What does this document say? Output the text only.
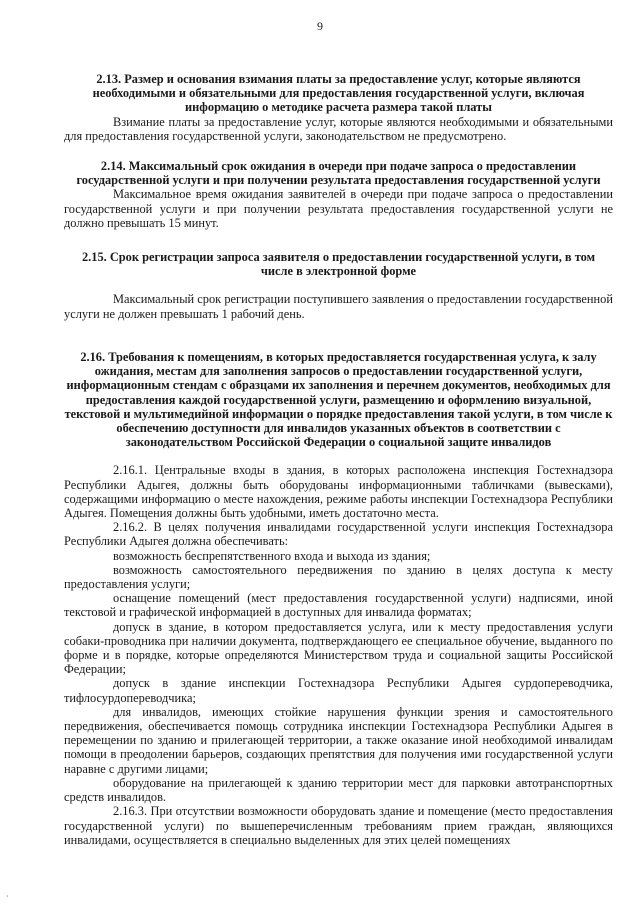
9

2.13. Размер и основания взимания платы за предоставление услуг, которые являются необходимыми и обязательными для предоставления государственной услуги, включая информацию о методике расчета размера такой платы

Взимание платы за предоставление услуг, которые являются необходимыми и обязательными для предоставления государственной услуги, законодательством не предусмотрено.

2.14. Максимальный срок ожидания в очереди при подаче запроса о предоставлении государственной услуги и при получении результата предоставления государственной услуги

Максимальное время ожидания заявителей в очереди при подаче запроса о предоставлении государственной услуги и при получении результата предоставления государственной услуги не должно превышать 15 минут.

2.15. Срок регистрации запроса заявителя о предоставлении государственной услуги, в том числе в электронной форме

Максимальный срок регистрации поступившего заявления о предоставлении государственной услуги не должен превышать 1 рабочий день.

2.16. Требования к помещениям, в которых предоставляется государственная услуга, к залу ожидания, местам для заполнения запросов о предоставлении государственной услуги, информационным стендам с образцами их заполнения и перечнем документов, необходимых для предоставления каждой государственной услуги, размещению и оформлению визуальной, текстовой и мультимедийной информации о порядке предоставления такой услуги, в том числе к обеспечению доступности для инвалидов указанных объектов в соответствии с законодательством Российской Федерации о социальной защите инвалидов

2.16.1. Центральные входы в здания, в которых расположена инспекция Гостехнадзора Республики Адыгея, должны быть оборудованы информационными табличками (вывесками), содержащими информацию о месте нахождения, режиме работы инспекции Гостехнадзора Республики Адыгея. Помещения должны быть удобными, иметь достаточно места.

2.16.2. В целях получения инвалидами государственной услуги инспекция Гостехнадзора Республики Адыгея должна обеспечивать:

возможность беспрепятственного входа и выхода из здания;

возможность самостоятельного передвижения по зданию в целях доступа к месту предоставления услуги;

оснащение помещений (мест предоставления государственной услуги) надписями, иной текстовой и графической информацией в доступных для инвалида форматах;

допуск в здание, в котором предоставляется услуга, или к месту предоставления услуги собаки-проводника при наличии документа, подтверждающего ее специальное обучение, выданного по форме и в порядке, которые определяются Министерством труда и социальной защиты Российской Федерации;

допуск в здание инспекции Гостехнадзора Республики Адыгея сурдопереводчика, тифлосурдопереводчика;

для инвалидов, имеющих стойкие нарушения функции зрения и самостоятельного передвижения, обеспечивается помощь сотрудника инспекции Гостехнадзора Республики Адыгея в перемещении по зданию и прилегающей территории, а также оказание иной необходимой инвалидам помощи в преодолении барьеров, создающих препятствия для получения ими государственной услуги наравне с другими лицами;

оборудование на прилегающей к зданию территории мест для парковки автотранспортных средств инвалидов.

2.16.3. При отсутствии возможности оборудовать здание и помещение (место предоставления государственной услуги) по вышеперечисленным требованиям прием граждан, являющихся инвалидами, осуществляется в специально выделенных для этих целей помещениях

·
